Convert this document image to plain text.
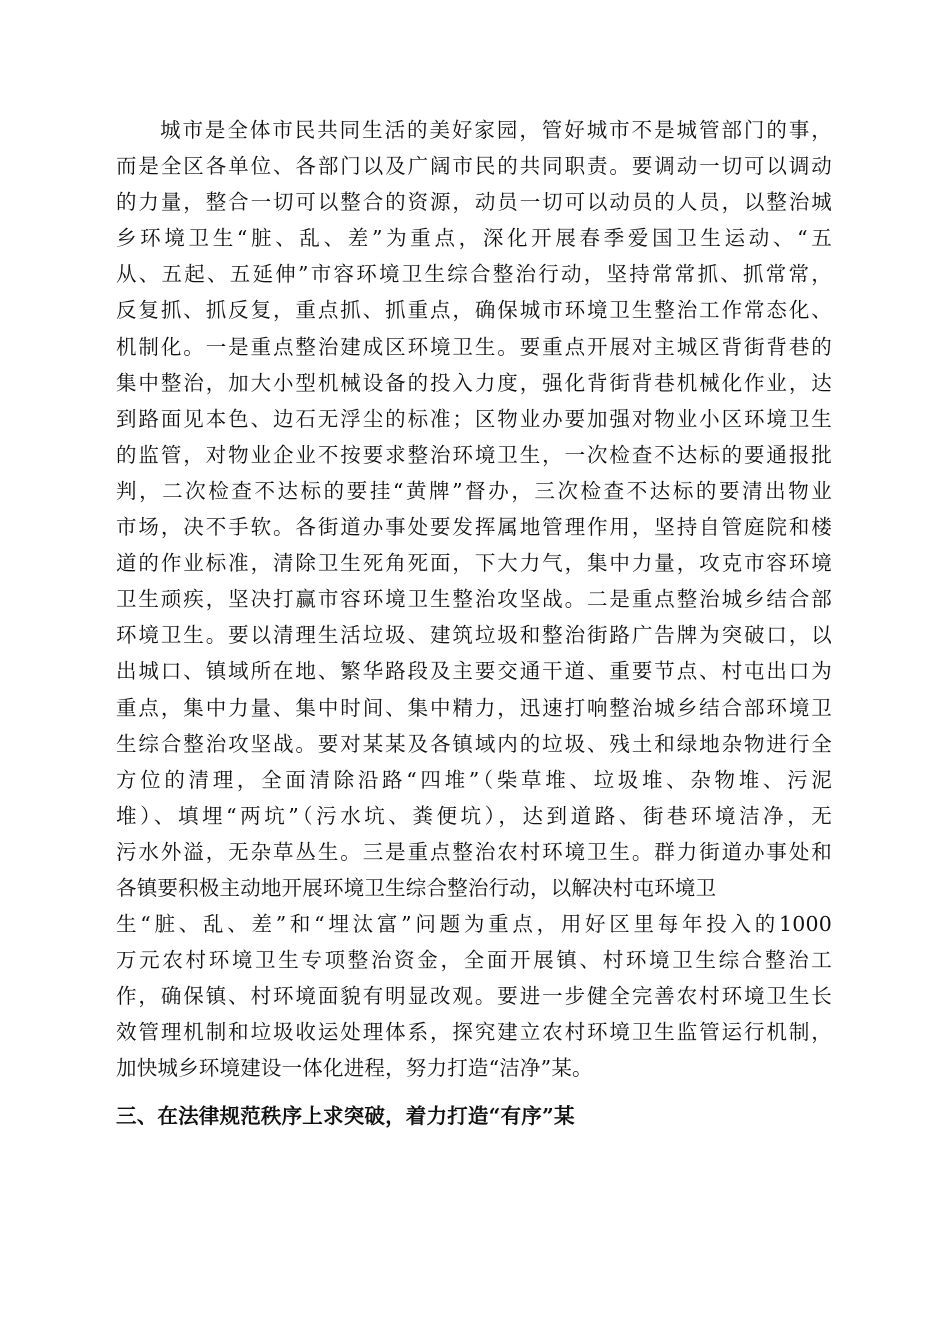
城市是全体市民共同生活的美好家园，管好城市不是城管部门的事，
而是全区各单位、各部门以及广阔市民的共同职责。要调动一切可以调动
的力量，整合一切可以整合的资源，动员一切可以动员的人员，以整治城
乡环境卫生“脏、乱、差”为重点，深化开展春季爱国卫生运动、“五
从、五起、五延伸”市容环境卫生综合整治行动，坚持常常抓、抓常常，
反复抓、抓反复，重点抓、抓重点，确保城市环境卫生整治工作常态化、
机制化。一是重点整治建成区环境卫生。要重点开展对主城区背街背巷的
集中整治，加大小型机械设备的投入力度，强化背街背巷机械化作业，达
到路面见本色、边石无浮尘的标准；区物业办要加强对物业小区环境卫生
的监管，对物业企业不按要求整治环境卫生，一次检查不达标的要通报批
判，二次检查不达标的要挂“黄牌”督办，三次检查不达标的要清出物业
市场，决不手软。各街道办事处要发挥属地管理作用，坚持自管庭院和楼
道的作业标准，清除卫生死角死面，下大力气，集中力量，攻克市容环境
卫生顽疾，坚决打赢市容环境卫生整治攻坚战。二是重点整治城乡结合部
环境卫生。要以清理生活垃圾、建筑垃圾和整治街路广告牌为突破口，以
出城口、镇域所在地、繁华路段及主要交通干道、重要节点、村屯出口为
重点，集中力量、集中时间、集中精力，迅速打响整治城乡结合部环境卫
生综合整治攻坚战。要对某某及各镇域内的垃圾、残土和绿地杂物进行全
方位的清理，全面清除沿路“四堆”（柴草堆、垃圾堆、杂物堆、污泥
堆）、填埋“两坑”（污水坑、粪便坑），达到道路、街巷环境洁净，无
污水外溢，无杂草丛生。三是重点整治农村环境卫生。群力街道办事处和
各镇要积极主动地开展环境卫生综合整治行动，以解决村屯环境卫
生“脏、乱、差”和“埋汰富”问题为重点，用好区里每年投入的1000
万元农村环境卫生专项整治资金，全面开展镇、村环境卫生综合整治工
作，确保镇、村环境面貌有明显改观。要进一步健全完善农村环境卫生长
效管理机制和垃圾收运处理体系，探究建立农村环境卫生监管运行机制，
加快城乡环境建设一体化进程，努力打造“洁净”某。
三、在法律规范秩序上求突破，着力打造“有序”某
